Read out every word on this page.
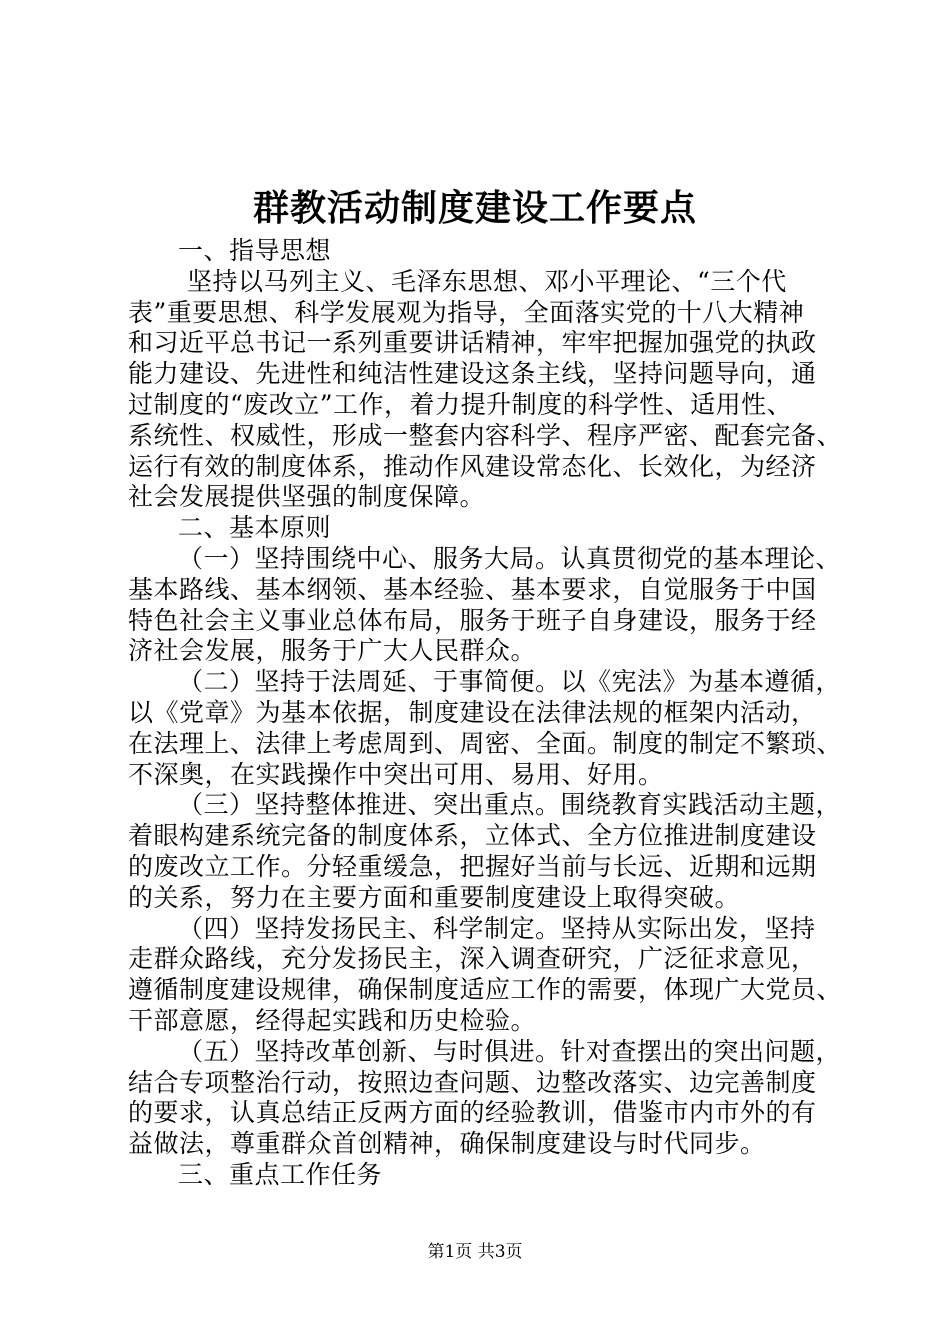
群教活动制度建设工作要点
一、指导思想
坚持以马列主义、毛泽东思想、邓小平理论、“三个代
表”重要思想、科学发展观为指导，全面落实党的十八大精神
和习近平总书记一系列重要讲话精神，牢牢把握加强党的执政
能力建设、先进性和纯洁性建设这条主线，坚持问题导向，通
过制度的“废改立”工作，着力提升制度的科学性、适用性、
系统性、权威性，形成一整套内容科学、程序严密、配套完备、
运行有效的制度体系，推动作风建设常态化、长效化，为经济
社会发展提供坚强的制度保障。
二、基本原则
（一）坚持围绕中心、服务大局。认真贯彻党的基本理论、
基本路线、基本纲领、基本经验、基本要求，自觉服务于中国
特色社会主义事业总体布局，服务于班子自身建设，服务于经
济社会发展，服务于广大人民群众。
（二）坚持于法周延、于事简便。以《宪法》为基本遵循，
以《党章》为基本依据，制度建设在法律法规的框架内活动，
在法理上、法律上考虑周到、周密、全面。制度的制定不繁琐、
不深奥，在实践操作中突出可用、易用、好用。
（三）坚持整体推进、突出重点。围绕教育实践活动主题，
着眼构建系统完备的制度体系，立体式、全方位推进制度建设
的废改立工作。分轻重缓急，把握好当前与长远、近期和远期
的关系，努力在主要方面和重要制度建设上取得突破。
（四）坚持发扬民主、科学制定。坚持从实际出发，坚持
走群众路线，充分发扬民主，深入调查研究，广泛征求意见，
遵循制度建设规律，确保制度适应工作的需要，体现广大党员、
干部意愿，经得起实践和历史检验。
（五）坚持改革创新、与时俱进。针对查摆出的突出问题，
结合专项整治行动，按照边查问题、边整改落实、边完善制度
的要求，认真总结正反两方面的经验教训，借鉴市内市外的有
益做法，尊重群众首创精神，确保制度建设与时代同步。
三、重点工作任务
第1页 共3页
